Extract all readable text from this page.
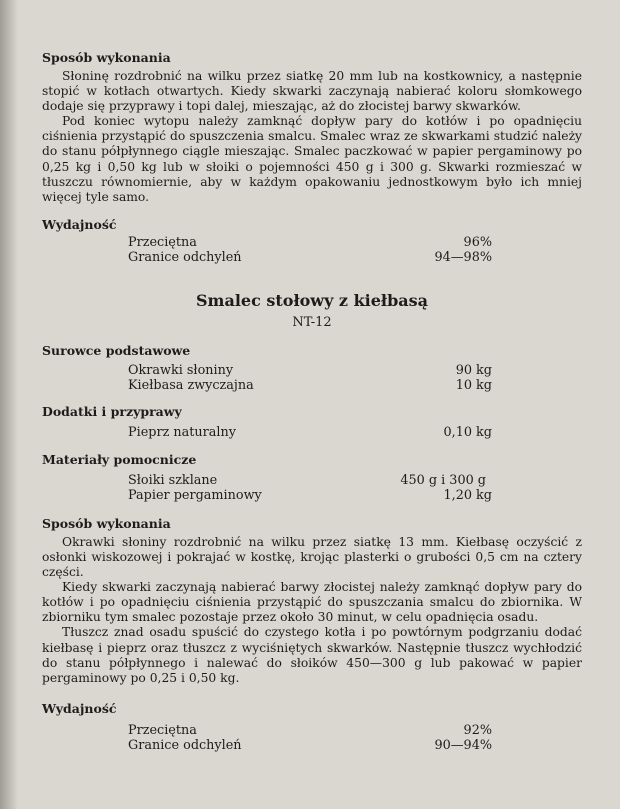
Sposób wykonania

Słoninę rozdrobnić na wilku przez siatkę 20 mm lub na kostkownicy, a następnie stopić w kotłach otwartych. Kiedy skwarki zaczynają nabierać koloru słomkowego dodaje się przyprawy i topi dalej, mieszając, aż do złocistej barwy skwarków.

Pod koniec wytopu należy zamknąć dopływ pary do kotłów i po opadnięciu ciśnienia przystąpić do spuszczenia smalcu. Smalec wraz ze skwarkami studzić należy do stanu półpłynnego ciągle mieszając. Smalec paczkować w papier pergaminowy po 0,25 kg i 0,50 kg lub w słoiki o pojemności 450 g i 300 g. Skwarki rozmieszać w tłuszczu równomiernie, aby w każdym opakowaniu jednostkowym było ich mniej więcej tyle samo.

Wydajność

Przeciętna	96%
Granice odchyleń	94—98%

Smalec stołowy z kiełbasą

NT-12

Surowce podstawowe

Okrawki słoniny	90 kg
Kiełbasa zwyczajna	10 kg

Dodatki i przyprawy

Pieprz naturalny	0,10 kg

Materiały pomocnicze

Słoiki szklane	450 g i 300 g
Papier pergaminowy	1,20 kg

Sposób wykonania

Okrawki słoniny rozdrobnić na wilku przez siatkę 13 mm. Kiełbasę oczyścić z osłonki wiskozowej i pokrajać w kostkę, krojąc plasterki o grubości 0,5 cm na cztery części.

Kiedy skwarki zaczynają nabierać barwy złocistej należy zamknąć dopływ pary do kotłów i po opadnięciu ciśnienia przystąpić do spuszczania smalcu do zbiornika. W zbiorniku tym smalec pozostaje przez około 30 minut, w celu opadnięcia osadu.

Tłuszcz znad osadu spuścić do czystego kotła i po powtórnym podgrzaniu dodać kiełbasę i pieprz oraz tłuszcz z wyciśniętych skwarków. Następnie tłuszcz wychłodzić do stanu półpłynnego i nalewać do słoików 450—300 g lub pakować w papier pergaminowy po 0,25 i 0,50 kg.

Wydajność

Przeciętna	92%
Granice odchyleń	90—94%
